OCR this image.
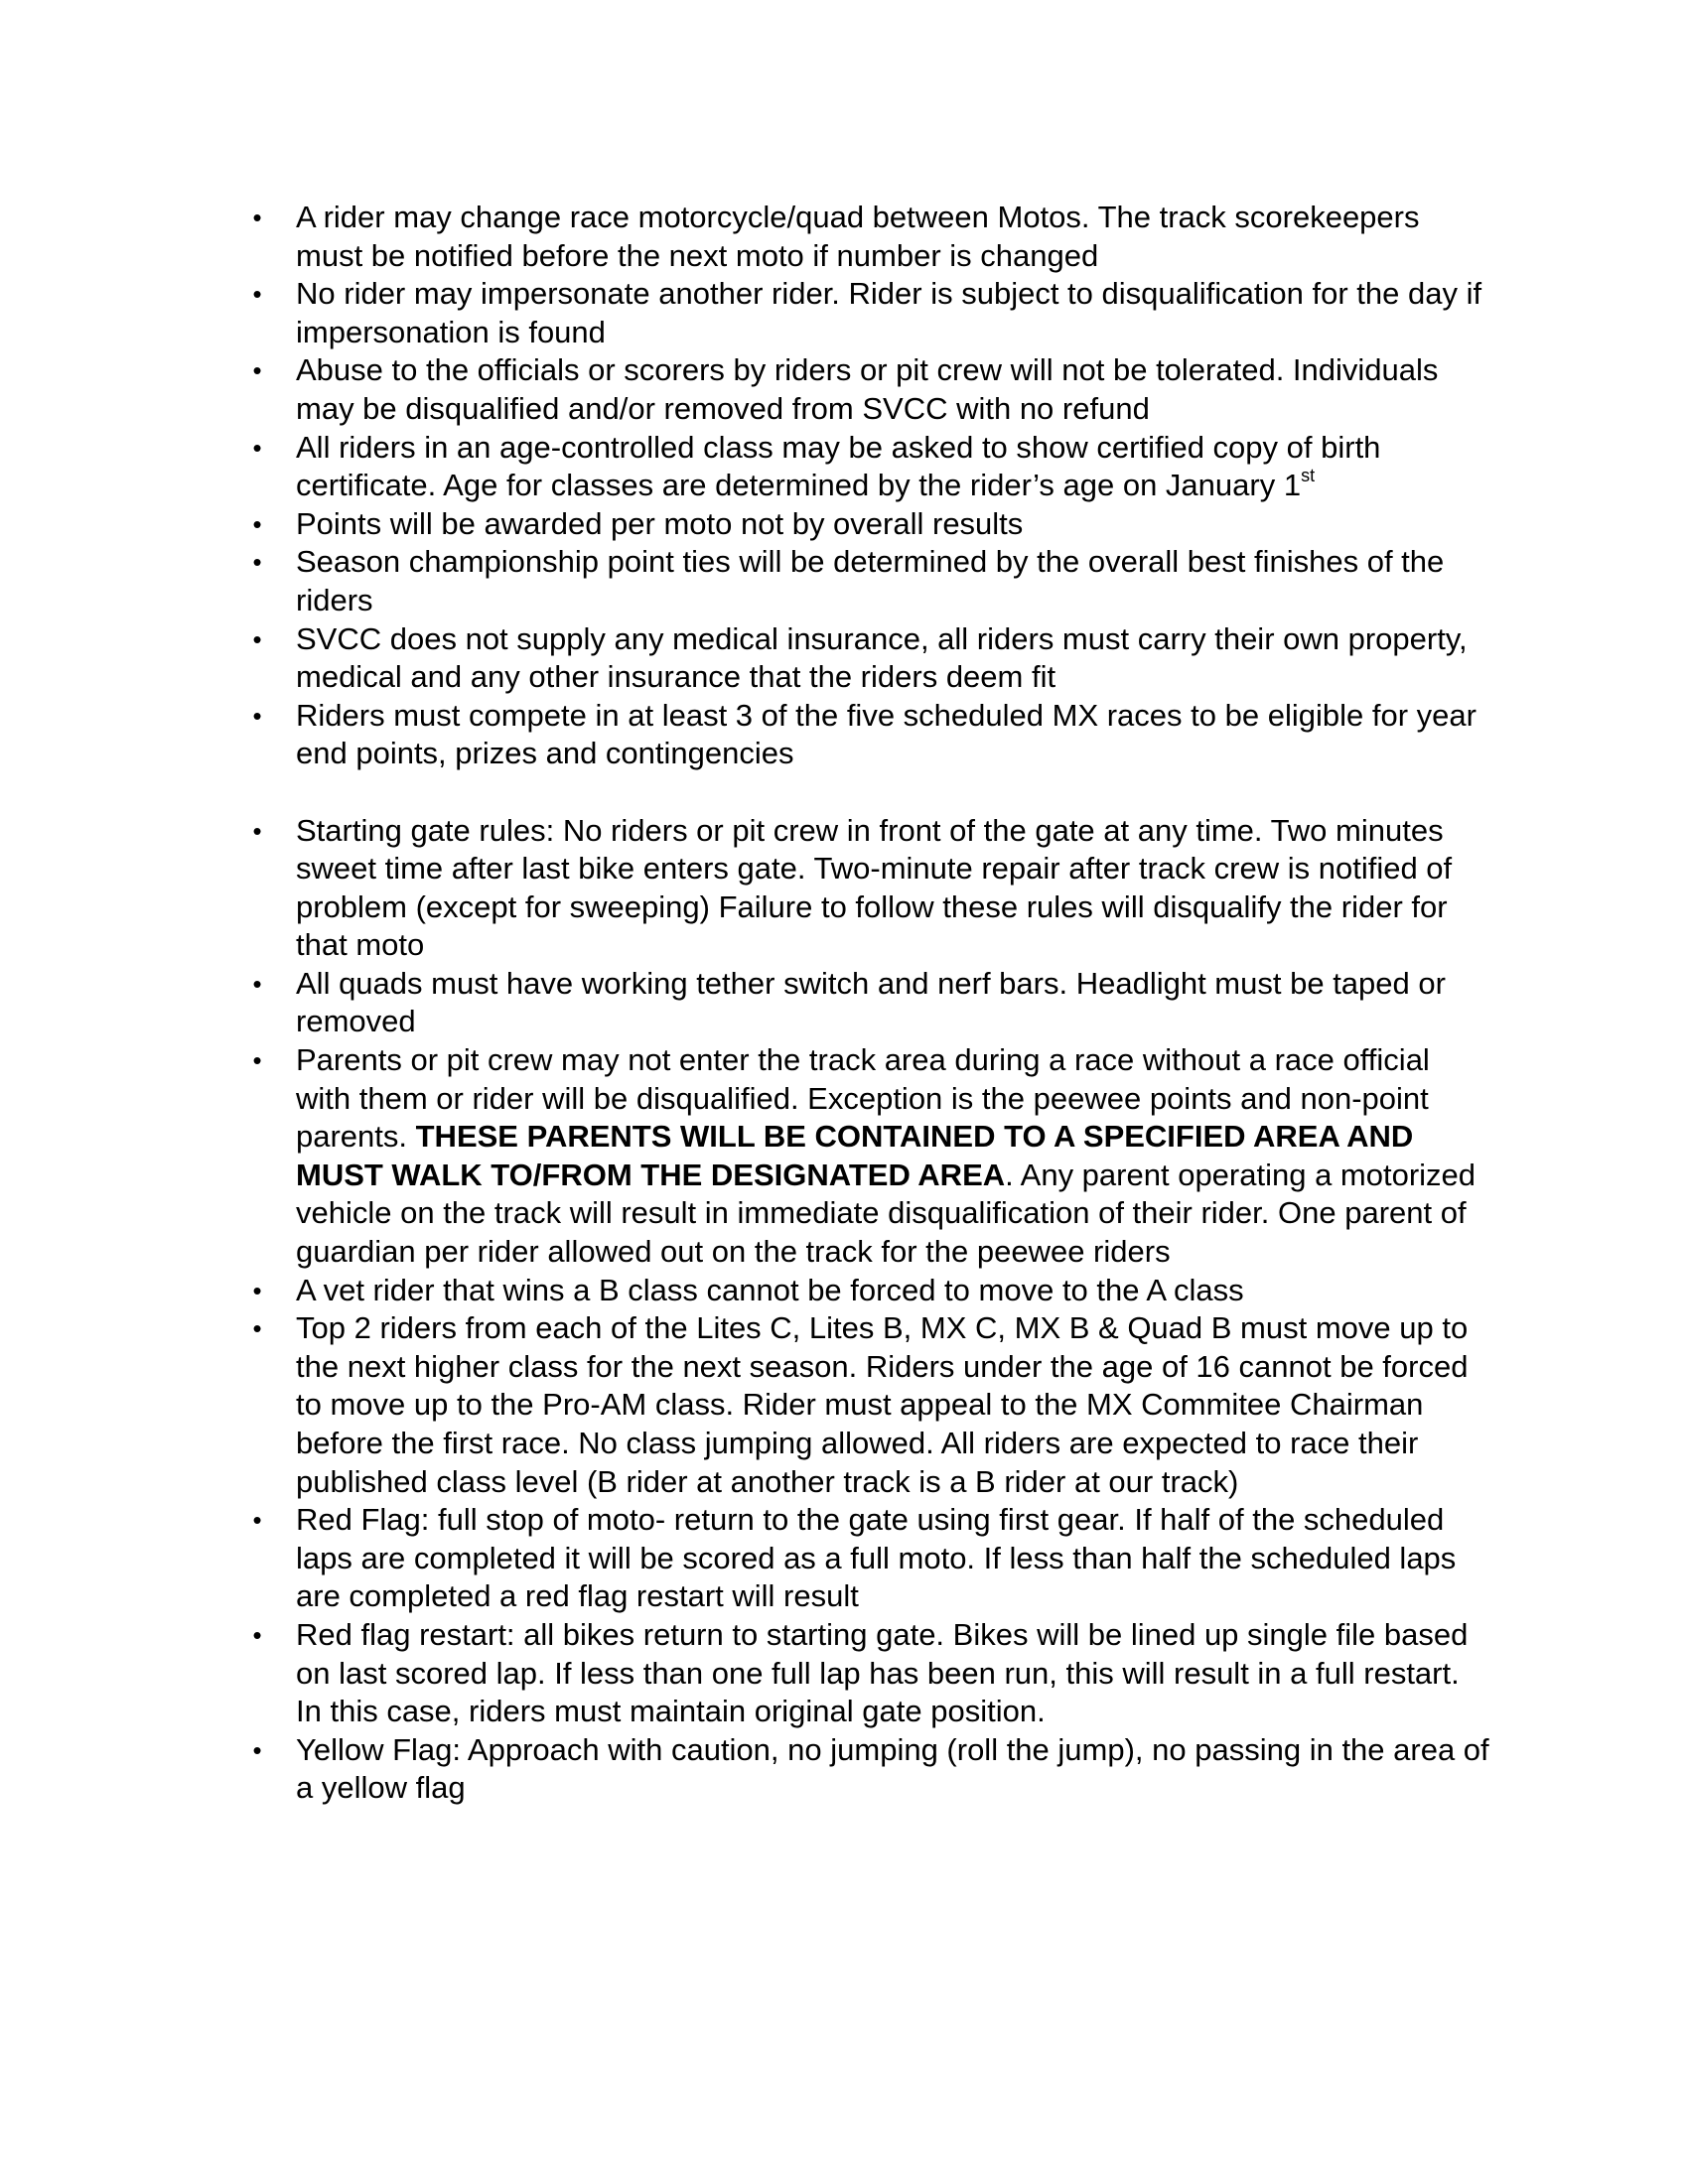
• A rider may change race motorcycle/quad between Motos. The track scorekeepers must be notified before the next moto if number is changed
• No rider may impersonate another rider. Rider is subject to disqualification for the day if impersonation is found
• Abuse to the officials or scorers by riders or pit crew will not be tolerated. Individuals may be disqualified and/or removed from SVCC with no refund
• All riders in an age-controlled class may be asked to show certified copy of birth certificate. Age for classes are determined by the rider’s age on January 1st
• Points will be awarded per moto not by overall results
• Season championship point ties will be determined by the overall best finishes of the riders
• SVCC does not supply any medical insurance, all riders must carry their own property, medical and any other insurance that the riders deem fit
• Riders must compete in at least 3 of the five scheduled MX races to be eligible for year end points, prizes and contingencies
• Starting gate rules: No riders or pit crew in front of the gate at any time. Two minutes sweet time after last bike enters gate. Two-minute repair after track crew is notified of problem (except for sweeping) Failure to follow these rules will disqualify the rider for that moto
• All quads must have working tether switch and nerf bars. Headlight must be taped or removed
• Parents or pit crew may not enter the track area during a race without a race official with them or rider will be disqualified. Exception is the peewee points and non-point parents. THESE PARENTS WILL BE CONTAINED TO A SPECIFIED AREA AND MUST WALK TO/FROM THE DESIGNATED AREA. Any parent operating a motorized vehicle on the track will result in immediate disqualification of their rider. One parent of guardian per rider allowed out on the track for the peewee riders
• A vet rider that wins a B class cannot be forced to move to the A class
• Top 2 riders from each of the Lites C, Lites B, MX C, MX B & Quad B must move up to the next higher class for the next season. Riders under the age of 16 cannot be forced to move up to the Pro-AM class. Rider must appeal to the MX Commitee Chairman before the first race. No class jumping allowed. All riders are expected to race their published class level (B rider at another track is a B rider at our track)
• Red Flag: full stop of moto- return to the gate using first gear. If half of the scheduled laps are completed it will be scored as a full moto. If less than half the scheduled laps are completed a red flag restart will result
• Red flag restart: all bikes return to starting gate. Bikes will be lined up single file based on last scored lap. If less than one full lap has been run, this will result in a full restart. In this case, riders must maintain original gate position.
• Yellow Flag: Approach with caution, no jumping (roll the jump), no passing in the area of a yellow flag
